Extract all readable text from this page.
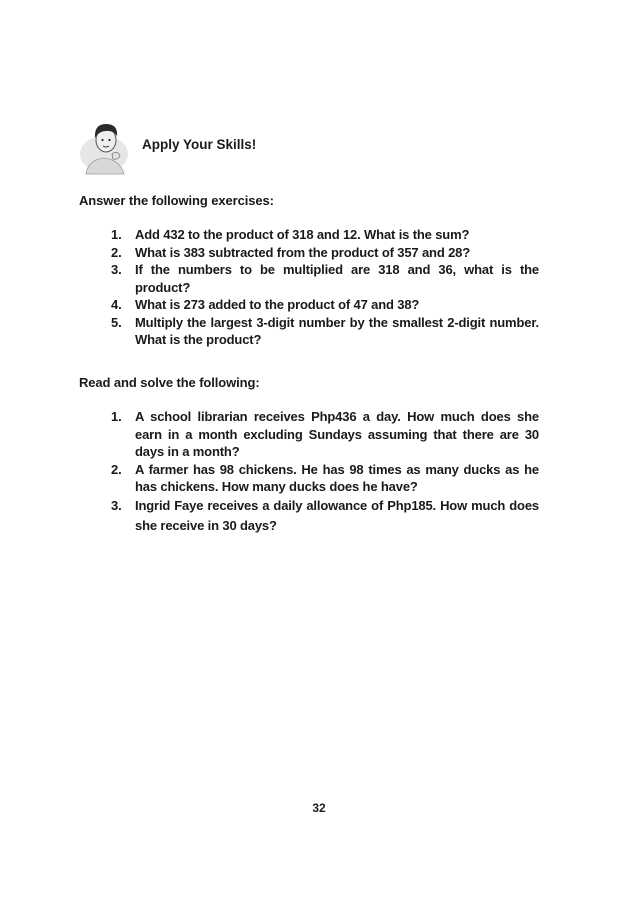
Apply Your Skills!
Answer the following exercises:
1. Add 432 to the product of 318 and 12. What is the sum?
2. What is 383 subtracted from the product of 357 and 28?
3. If the numbers to be multiplied are 318 and 36, what is the product?
4. What is 273 added to the product of 47 and 38?
5. Multiply the largest 3-digit number by the smallest 2-digit number. What is the product?
Read and solve the following:
1. A school librarian receives Php436 a day. How much does she earn in a month excluding Sundays assuming that there are 30 days in a month?
2. A farmer has 98 chickens. He has 98 times as many ducks as he has chickens. How many ducks does he have?
3. Ingrid Faye receives a daily allowance of Php185. How much does she receive in 30 days?
32
